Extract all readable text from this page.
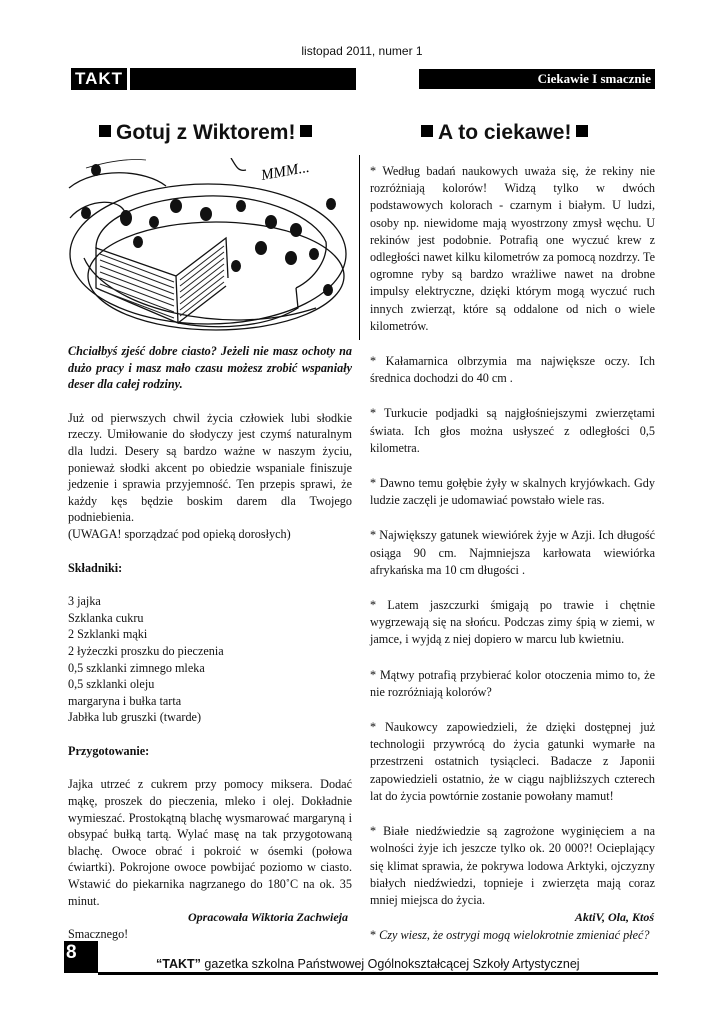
listopad 2011, numer 1
TAKT	Ciekawie I smacznie
Gotuj z Wiktorem!	A to ciekawe!
MMM...

Chciałbyś zjeść dobre ciasto? Jeżeli nie masz ochoty na dużo pracy i masz mało czasu możesz zrobić wspaniały deser dla całej rodziny.

Już od pierwszych chwil życia człowiek lubi słodkie rzeczy. Umiłowanie do słodyczy jest czymś naturalnym dla ludzi. Desery są bardzo ważne w naszym życiu, ponieważ słodki akcent po obiedzie wspaniale finiszuje jedzenie i sprawia przyjemność. Ten przepis sprawi, że każdy kęs będzie boskim darem dla Twojego podniebienia.

(UWAGA! sporządzać pod opieką dorosłych)

Składniki:

3 jajka
Szklanka cukru
2 Szklanki mąki
2 łyżeczki proszku do pieczenia
0,5 szklanki zimnego mleka
0,5 szklanki oleju
margaryna i bułka tarta
Jabłka lub gruszki (twarde)

Przygotowanie:

Jajka utrzeć z cukrem przy pomocy miksera. Dodać mąkę, proszek do pieczenia, mleko i olej. Dokładnie wymieszać. Prostokątną blachę wysmarować margaryną i obsypać bułką tartą. Wylać masę na tak przygotowaną blachę. Owoce obrać i pokroić w ósemki (połowa ćwiartki). Pokrojone owoce powbijać poziomo w ciasto. Wstawić do piekarnika nagrzanego do 180˚C na ok. 35 minut.

Smacznego!

Opracowała Wiktoria Zachwieja

* Według badań naukowych uważa się, że rekiny nie rozróżniają kolorów! Widzą tylko w dwóch podstawowych kolorach - czarnym i białym. U ludzi, osoby np. niewidome mają wyostrzony zmysł węchu. U rekinów jest podobnie. Potrafią one wyczuć krew z odległości nawet kilku kilometrów za pomocą nozdrzy. Te ogromne ryby są bardzo wrażliwe nawet na drobne impulsy elektryczne, dzięki którym mogą wyczuć ruch innych zwierząt, które są oddalone od nich o wiele kilometrów.

* Kałamarnica olbrzymia ma największe oczy. Ich średnica dochodzi do 40 cm .

* Turkucie podjadki są najgłośniejszymi zwierzętami świata. Ich głos można usłyszeć z odległości 0,5 kilometra.

* Dawno temu gołębie żyły w skalnych kryjówkach. Gdy ludzie zaczęli je udomawiać powstało wiele ras.

* Największy gatunek wiewiórek żyje w Azji. Ich długość osiąga 90 cm. Najmniejsza karłowata wiewiórka afrykańska ma 10 cm długości .

* Latem jaszczurki śmigają po trawie i chętnie wygrzewają się na słońcu. Podczas zimy śpią w ziemi, w jamce, i wyjdą z niej dopiero w marcu lub kwietniu.

* Mątwy potrafią przybierać kolor otoczenia mimo to, że nie rozróżniają kolorów?

* Naukowcy zapowiedzieli, że dzięki dostępnej już technologii przywrócą do życia gatunki wymarłe na przestrzeni ostatnich tysiącleci. Badacze z Japonii zapowiedzieli ostatnio, że w ciągu najbliższych czterech lat do życia powtórnie zostanie powołany mamut!

* Białe niedźwiedzie są zagrożone wyginięciem a na wolności żyje ich jeszcze tylko ok. 20 000?! Ocieplający się klimat sprawia, że pokrywa lodowa Arktyki, ojczyzny białych niedźwiedzi, topnieje i zwierzęta mają coraz mniej miejsca do życia.

* Czy wiesz, że ostrygi mogą wielokrotnie zmieniać płeć?

AktiV, Ola, Ktoś
8
“TAKT” gazetka szkolna Państwowej Ogólnokształcącej Szkoły Artystycznej
